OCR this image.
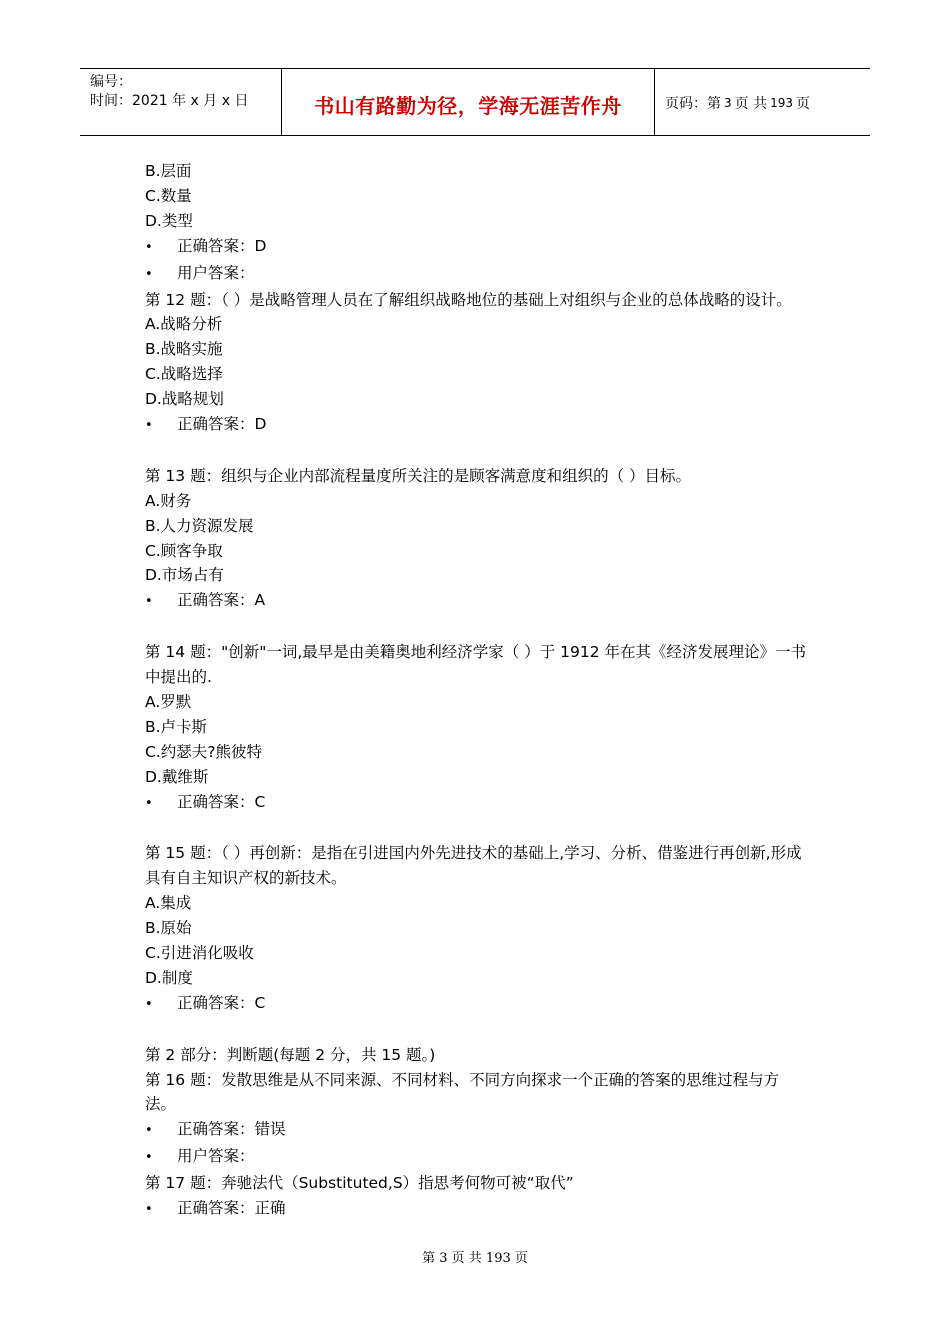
编号：
时间：2021 年 x 月 x 日	书山有路勤为径，学海无涯苦作舟	页码：第 3 页 共 193 页
B.层面
C.数量
D.类型
• 正确答案：D
• 用户答案：
第 12 题：（ ）是战略管理人员在了解组织战略地位的基础上对组织与企业的总体战略的设计。
A.战略分析
B.战略实施
C.战略选择
D.战略规划
• 正确答案：D
第 13 题：组织与企业内部流程量度所关注的是顾客满意度和组织的（ ）目标。
A.财务
B.人力资源发展
C.顾客争取
D.市场占有
• 正确答案：A
第 14 题："创新"一词,最早是由美籍奥地利经济学家（ ）于 1912 年在其《经济发展理论》一书中提出的.
A.罗默
B.卢卡斯
C.约瑟夫?熊彼特
D.戴维斯
• 正确答案：C
第 15 题：（ ）再创新：是指在引进国内外先进技术的基础上,学习、分析、借鉴进行再创新,形成具有自主知识产权的新技术。
A.集成
B.原始
C.引进消化吸收
D.制度
• 正确答案：C
第 2 部分：判断题(每题 2 分，共 15 题。)
第 16 题：发散思维是从不同来源、不同材料、不同方向探求一个正确的答案的思维过程与方法。
• 正确答案：错误
• 用户答案：
第 17 题：奔驰法代（Substituted,S）指思考何物可被“取代”
• 正确答案：正确
第 3 页 共 193 页
